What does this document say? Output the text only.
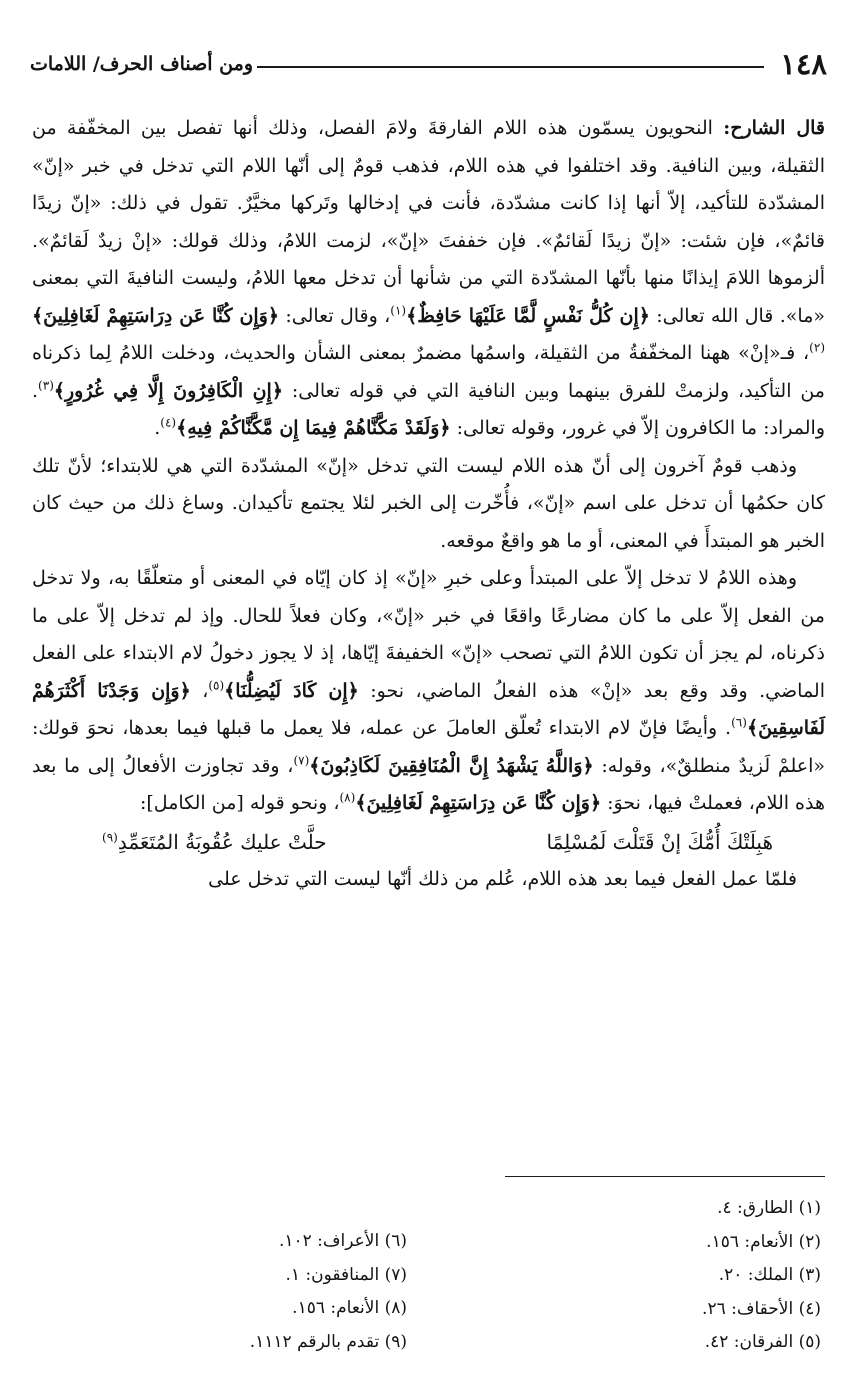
١٤٨
ومن أصناف الحرف/ اللامات

قال الشارح: النحويون يسمّون هذه اللام الفارقةَ ولامَ الفصل، وذلك أنها تفصل بين المخفّفة من الثقيلة، وبين النافية. وقد اختلفوا في هذه اللام، فذهب قومٌ إلى أنّها اللام التي تدخل في خبر «إنّ» المشدّدة للتأكيد، إلاّ أنها إذا كانت مشدّدة، فأنت في إدخالها وتَركها مخيَّرٌ. تقول في ذلك: «إنّ زيدًا قائمٌ»، فإن شئت: «إنّ زيدًا لَقائمٌ». فإن خففتَ «إنّ»، لزمت اللامُ، وذلك قولك: «إنْ زيدٌ لَقائمٌ». ألزموها اللامَ إيذانًا منها بأنّها المشدّدة التي من شأنها أن تدخل معها اللامُ، وليست النافيةَ التي بمعنى «ما». قال الله تعالى: ﴿إِن كُلُّ نَفْسٍ لَّمَّا عَلَيْهَا حَافِظٌ﴾$^{(١)}$، وقال تعالى: ﴿وَإِن كُنَّا عَن دِرَاسَتِهِمْ لَغَافِلِينَ﴾$^{(٢)}$، فـ«إنْ» ههنا المخفّفةُ من الثقيلة، واسمُها مضمرٌ بمعنى الشأن والحديث، ودخلت اللامُ لِما ذكرناه من التأكيد، ولزمتْ للفرق بينهما وبين النافية التي في قوله تعالى: ﴿إِنِ الْكَافِرُونَ إِلَّا فِي غُرُورٍ﴾$^{(٣)}$. والمراد: ما الكافرون إلاّ في غرور، وقوله تعالى: ﴿وَلَقَدْ مَكَّنَّاهُمْ فِيمَا إِن مَّكَّنَّاكُمْ فِيهِ﴾$^{(٤)}$.

وذهب قومٌ آخرون إلى أنّ هذه اللام ليست التي تدخل «إنّ» المشدّدة التي هي للابتداء؛ لأنّ تلك كان حكمُها أن تدخل على اسم «إنّ»، فأُخّرت إلى الخبر لئلا يجتمع تأكيدان. وساغ ذلك من حيث كان الخبر هو المبتدأَ في المعنى، أو ما هو واقعٌ موقعه.

وهذه اللامُ لا تدخل إلاّ على المبتدأ وعلى خبرِ «إنّ» إذ كان إيّاه في المعنى أو متعلّقًا به، ولا تدخل من الفعل إلاّ على ما كان مضارعًا واقعًا في خبر «إنّ»، وكان فعلاً للحال. وإذ لم تدخل إلاّ على ما ذكرناه، لم يجز أن تكون اللامُ التي تصحب «إنّ» الخفيفةَ إيّاها، إذ لا يجوز دخولُ لام الابتداء على الفعل الماضي. وقد وقع بعد «إنْ» هذه الفعلُ الماضي، نحو: ﴿إِن كَادَ لَيُضِلُّنَا﴾$^{(٥)}$، ﴿وَإِن وَجَدْنَا أَكْثَرَهُمْ لَفَاسِقِينَ﴾$^{(٦)}$. وأيضًا فإنّ لام الابتداء تُعلّق العاملَ عن عمله، فلا يعمل ما قبلها فيما بعدها، نحوَ قولك: «اعلمْ لَزيدٌ منطلقٌ»، وقوله: ﴿وَاللَّهُ يَشْهَدُ إِنَّ الْمُنَافِقِينَ لَكَاذِبُونَ﴾$^{(٧)}$، وقد تجاوزت الأفعالُ إلى ما بعد هذه اللام، فعملتْ فيها، نحوَ: ﴿وَإِن كُنَّا عَن دِرَاسَتِهِمْ لَغَافِلِينَ﴾$^{(٨)}$، ونحو قوله [من الكامل]:

هَبِلَتْكَ أُمُّكَ إنْ قَتَلْتَ لَمُسْلِمًا
حلَّتْ عليك عُقُوبَةُ المُتَعَمِّدِ$^{(٩)}$

فلمّا عمل الفعل فيما بعد هذه اللام، عُلم من ذلك أنّها ليست التي تدخل على

(١) الطارق: ٤.
(٢) الأنعام: ١٥٦.
(٣) الملك: ٢٠.
(٤) الأحقاف: ٢٦.
(٥) الفرقان: ٤٢.
(٦) الأعراف: ١٠٢.
(٧) المنافقون: ١.
(٨) الأنعام: ١٥٦.
(٩) تقدم بالرقم ١١١٢.
